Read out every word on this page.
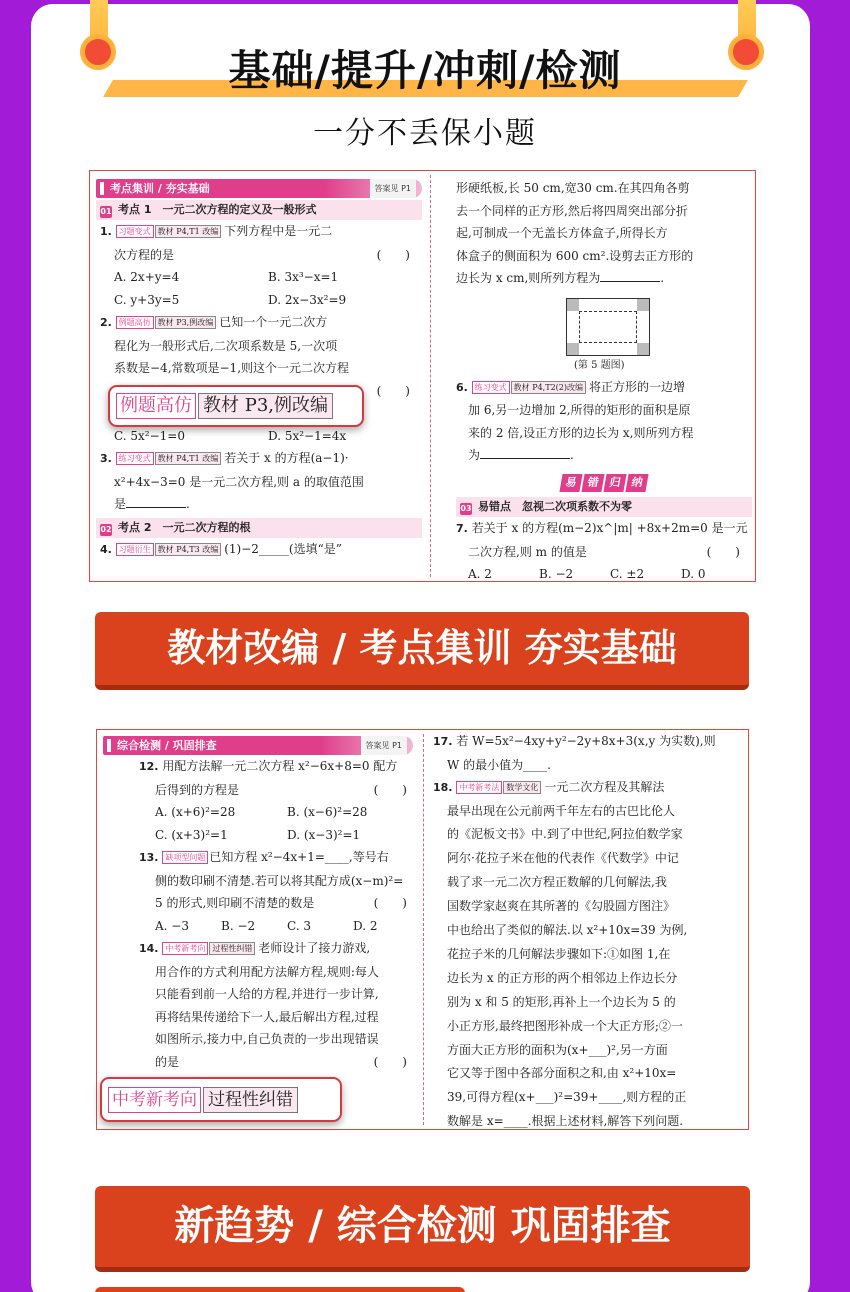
基础/提升/冲刺/检测
一分不丢保小题
考点集训 / 夯实基础	答案见 P1
01 考点 1　一元二次方程的定义及一般形式
1. 习题变式 教材 P4,T1 改编 下列方程中是一元二
次方程的是	(　　)
A. 2x+y=4	B. 3x³−x=1
C. y+3y=5	D. 2x−3x²=9
2. 例题高仿 教材 P3,例改编 已知一个一元二次方
程化为一般形式后,二次项系数是 5,一次项
系数是−4,常数项是−1,则这个一元二次方程
(　　)

C. 5x²−1=0	D. 5x²−1=4x
3. 练习变式 教材 P4,T1 改编 若关于 x 的方程(a−1)·
x²+4x−3=0 是一元二次方程,则 a 的取值范围
是	.
02 考点 2　一元二次方程的根
4. 习题衍生 教材 P4,T3 改编 (1)−2_____(选填“是”
形硬纸板,长 50 cm,宽30 cm.在其四角各剪
去一个同样的正方形,然后将四周突出部分折
起,可制成一个无盖长方体盒子,所得长方
体盒子的侧面积为 600 cm².设剪去正方形的
边长为 x cm,则所列方程为	.
(第 5 题图)
6. 练习变式 教材 P4,T2(2)改编 将正方形的一边增
加 6,另一边增加 2,所得的矩形的面积是原
来的 2 倍,设正方形的边长为 x,则所列方程
为	.
易 错 归 纳
03 易错点　忽视二次项系数不为零
7. 若关于 x 的方程(m−2)x^|m| +8x+2m=0 是一元
二次方程,则 m 的值是	(　　)
A. 2	B. −2	C. ±2	D. 0
例题高仿 教材 P3,例改编
教材改编 / 考点集训 夯实基础
综合检测 / 巩固排查	答案见 P1
12. 用配方法解一元二次方程 x²−6x+8=0 配方
后得到的方程是	(　　)
A. (x+6)²=28	B. (x−6)²=28
C. (x+3)²=1	D. (x−3)²=1
13. 缺项型问题 已知方程 x²−4x+1=____,等号右
侧的数印刷不清楚.若可以将其配方成(x−m)²=
5 的形式,则印刷不清楚的数是	(　　)
A. −3	B. −2	C. 3	D. 2
14. 中考新考向 过程性纠错 老师设计了接力游戏,
用合作的方式利用配方法解方程,规则:每人
只能看到前一人给的方程,并进行一步计算,
再将结果传递给下一人,最后解出方程,过程
如图所示,接力中,自己负责的一步出现错误
的是	(　　)
17. 若 W=5x²−4xy+y²−2y+8x+3(x,y 为实数),则
W 的最小值为____.
18. 中考新考法 数学文化 一元二次方程及其解法
最早出现在公元前两千年左右的古巴比伦人
的《泥板文书》中.到了中世纪,阿拉伯数学家
阿尔·花拉子米在他的代表作《代数学》中记
载了求一元二次方程正数解的几何解法,我
国数学家赵爽在其所著的《勾股圆方图注》
中也给出了类似的解法.以 x²+10x=39 为例,
花拉子米的几何解法步骤如下:①如图 1,在
边长为 x 的正方形的两个相邻边上作边长分
别为 x 和 5 的矩形,再补上一个边长为 5 的
小正方形,最终把图形补成一个大正方形;②一
方面大正方形的面积为(x+___)²,另一方面
它又等于图中各部分面积之和,由 x²+10x=
39,可得方程(x+___)²=39+____,则方程的正
数解是 x=____.根据上述材料,解答下列问题.
中考新考向 过程性纠错
新趋势 / 综合检测 巩固排查
